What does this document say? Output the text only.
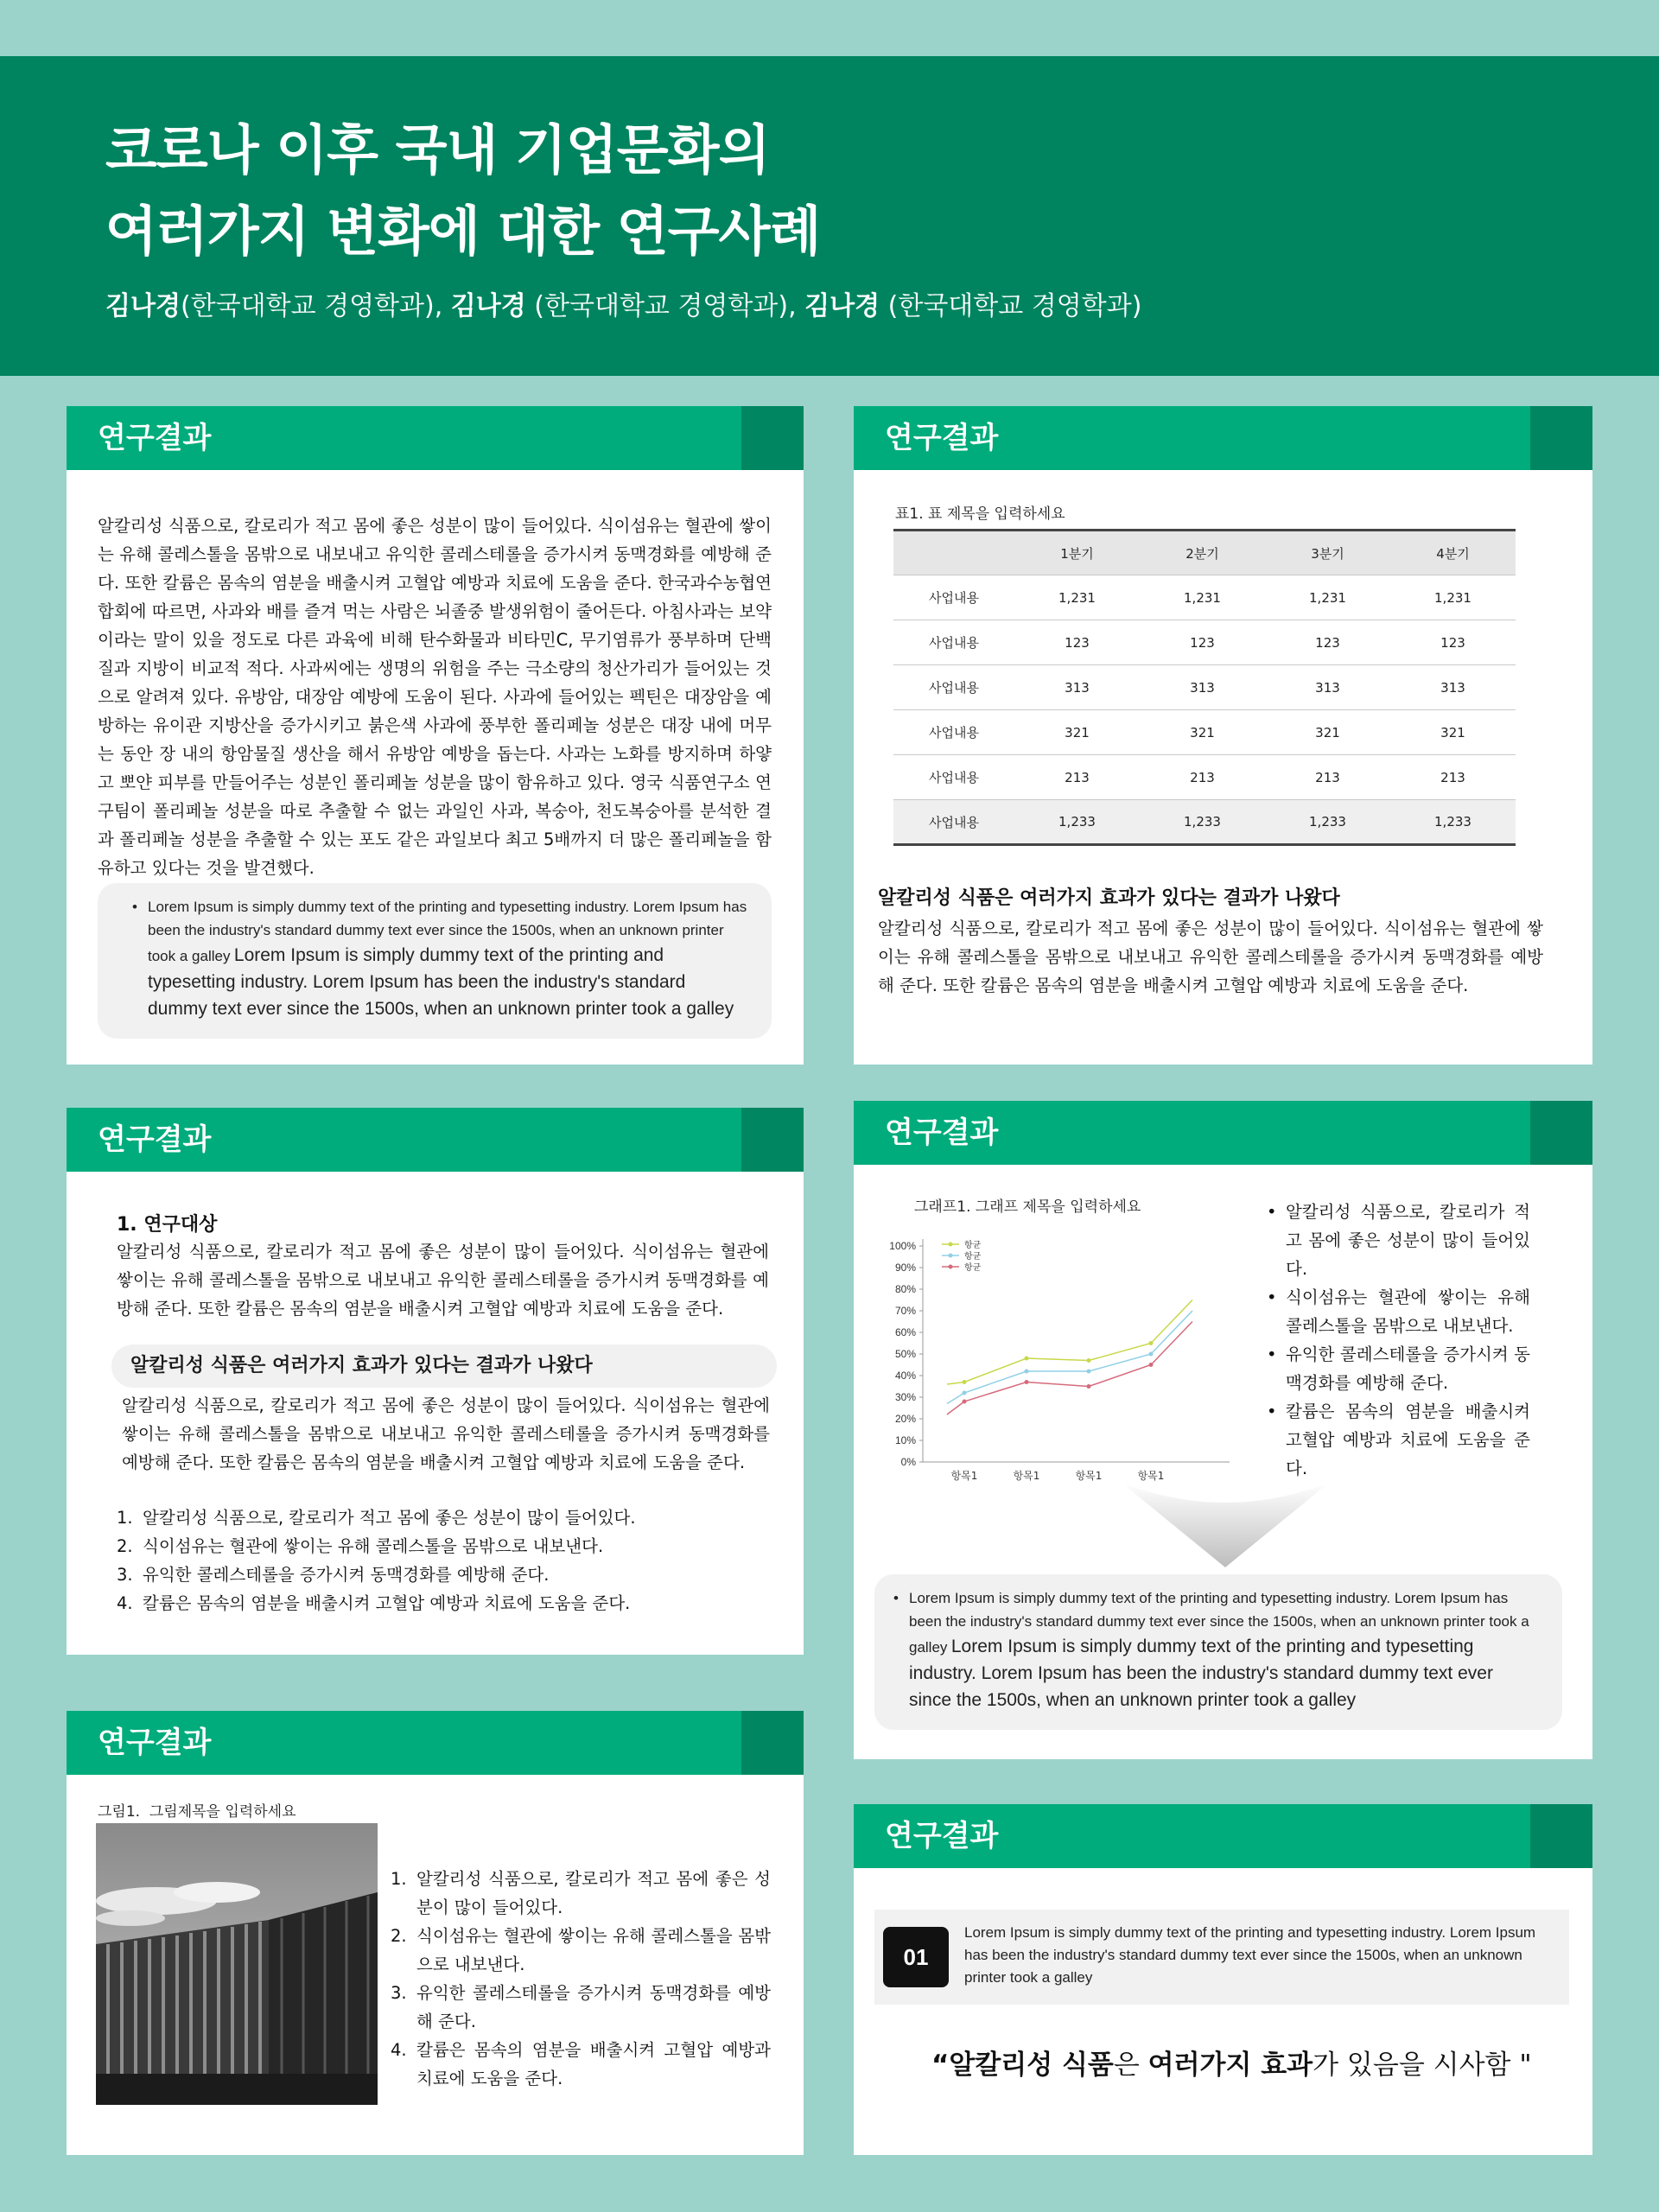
코로나 이후 국내 기업문화의
여러가지 변화에 대한 연구사례
김나경(한국대학교 경영학과), 김나경 (한국대학교 경영학과), 김나경 (한국대학교 경영학과)
연구결과
알칼리성 식품으로, 칼로리가 적고 몸에 좋은 성분이 많이 들어있다. 식이섬유는 혈관에 쌓이는 유해 콜레스톨을 몸밖으로 내보내고 유익한 콜레스테롤을 증가시켜 동맥경화를 예방해 준다. 또한 칼륨은 몸속의 염분을 배출시켜 고혈압 예방과 치료에 도움을 준다. 한국과수농협연합회에 따르면, 사과와 배를 즐겨 먹는 사람은 뇌졸중 발생위험이 줄어든다. 아침사과는 보약이라는 말이 있을 정도로 다른 과육에 비해 탄수화물과 비타민C, 무기염류가 풍부하며 단백질과 지방이 비교적 적다. 사과씨에는 생명의 위험을 주는 극소량의 청산가리가 들어있는 것으로 알려져 있다. 유방암, 대장암 예방에 도움이 된다. 사과에 들어있는 펙틴은 대장암을 예방하는 유이관 지방산을 증가시키고 붉은색 사과에 풍부한 폴리페놀 성분은 대장 내에 머무는 동안 장 내의 항암물질 생산을 해서 유방암 예방을 돕는다. 사과는 노화를 방지하며 하얗고 뽀얀 피부를 만들어주는 성분인 폴리페놀 성분을 많이 함유하고 있다. 영국 식품연구소 연구팀이 폴리페놀 성분을 따로 추출할 수 없는 과일인 사과, 복숭아, 천도복숭아를 분석한 결과 폴리페놀 성분을 추출할 수 있는 포도 같은 과일보다 최고 5배까지 더 많은 폴리페놀을 함유하고 있다는 것을 발견했다.
• Lorem Ipsum is simply dummy text of the printing and typesetting industry. Lorem Ipsum has been the industry's standard dummy text ever since the 1500s, when an unknown printer took a galley Lorem Ipsum is simply dummy text of the printing and typesetting industry. Lorem Ipsum has been the industry's standard dummy text ever since the 1500s, when an unknown printer took a galley
연구결과
표1. 표 제목을 입력하세요
	1분기	2분기	3분기	4분기
사업내용	1,231	1,231	1,231	1,231
사업내용	123	123	123	123
사업내용	313	313	313	313
사업내용	321	321	321	321
사업내용	213	213	213	213
사업내용	1,233	1,233	1,233	1,233
알칼리성 식품은 여러가지 효과가 있다는 결과가 나왔다
알칼리성 식품으로, 칼로리가 적고 몸에 좋은 성분이 많이 들어있다. 식이섬유는 혈관에 쌓이는 유해 콜레스톨을 몸밖으로 내보내고 유익한 콜레스테롤을 증가시켜 동맥경화를 예방해 준다. 또한 칼륨은 몸속의 염분을 배출시켜 고혈압 예방과 치료에 도움을 준다.
연구결과
1. 연구대상
알칼리성 식품으로, 칼로리가 적고 몸에 좋은 성분이 많이 들어있다. 식이섬유는 혈관에 쌓이는 유해 콜레스톨을 몸밖으로 내보내고 유익한 콜레스테롤을 증가시켜 동맥경화를 예방해 준다. 또한 칼륨은 몸속의 염분을 배출시켜 고혈압 예방과 치료에 도움을 준다.
알칼리성 식품은 여러가지 효과가 있다는 결과가 나왔다
알칼리성 식품으로, 칼로리가 적고 몸에 좋은 성분이 많이 들어있다. 식이섬유는 혈관에 쌓이는 유해 콜레스톨을 몸밖으로 내보내고 유익한 콜레스테롤을 증가시켜 동맥경화를 예방해 준다. 또한 칼륨은 몸속의 염분을 배출시켜 고혈압 예방과 치료에 도움을 준다.
1. 알칼리성 식품으로, 칼로리가 적고 몸에 좋은 성분이 많이 들어있다.
2. 식이섬유는 혈관에 쌓이는 유해 콜레스톨을 몸밖으로 내보낸다.
3. 유익한 콜레스테롤을 증가시켜 동맥경화를 예방해 준다.
4. 칼륨은 몸속의 염분을 배출시켜 고혈압 예방과 치료에 도움을 준다.
연구결과
그래프1. 그래프 제목을 입력하세요
0%
10%
20%
30%
40%
50%
60%
70%
80%
90%
100%
항목1	항목1	항목1	항목1
항균
항균
항균
• 알칼리성 식품으로, 칼로리가 적고 몸에 좋은 성분이 많이 들어있다.
• 식이섬유는 혈관에 쌓이는 유해 콜레스톨을 몸밖으로 내보낸다.
• 유익한 콜레스테롤을 증가시켜 동맥경화를 예방해 준다.
• 칼륨은 몸속의 염분을 배출시켜 고혈압 예방과 치료에 도움을 준다.
• Lorem Ipsum is simply dummy text of the printing and typesetting industry. Lorem Ipsum has been the industry's standard dummy text ever since the 1500s, when an unknown printer took a galley Lorem Ipsum is simply dummy text of the printing and typesetting industry. Lorem Ipsum has been the industry's standard dummy text ever since the 1500s, when an unknown printer took a galley
연구결과
그림1.  그림제목을 입력하세요
1. 알칼리성 식품으로, 칼로리가 적고 몸에 좋은 성분이 많이 들어있다.
2. 식이섬유는 혈관에 쌓이는 유해 콜레스톨을 몸밖으로 내보낸다.
3. 유익한 콜레스테롤을 증가시켜 동맥경화를 예방해 준다.
4. 칼륨은 몸속의 염분을 배출시켜 고혈압 예방과 치료에 도움을 준다.
연구결과
01
Lorem Ipsum is simply dummy text of the printing and typesetting industry. Lorem Ipsum has been the industry's standard dummy text ever since the 1500s, when an unknown printer took a galley
“알칼리성 식품은 여러가지 효과가 있음을 시사함 "
